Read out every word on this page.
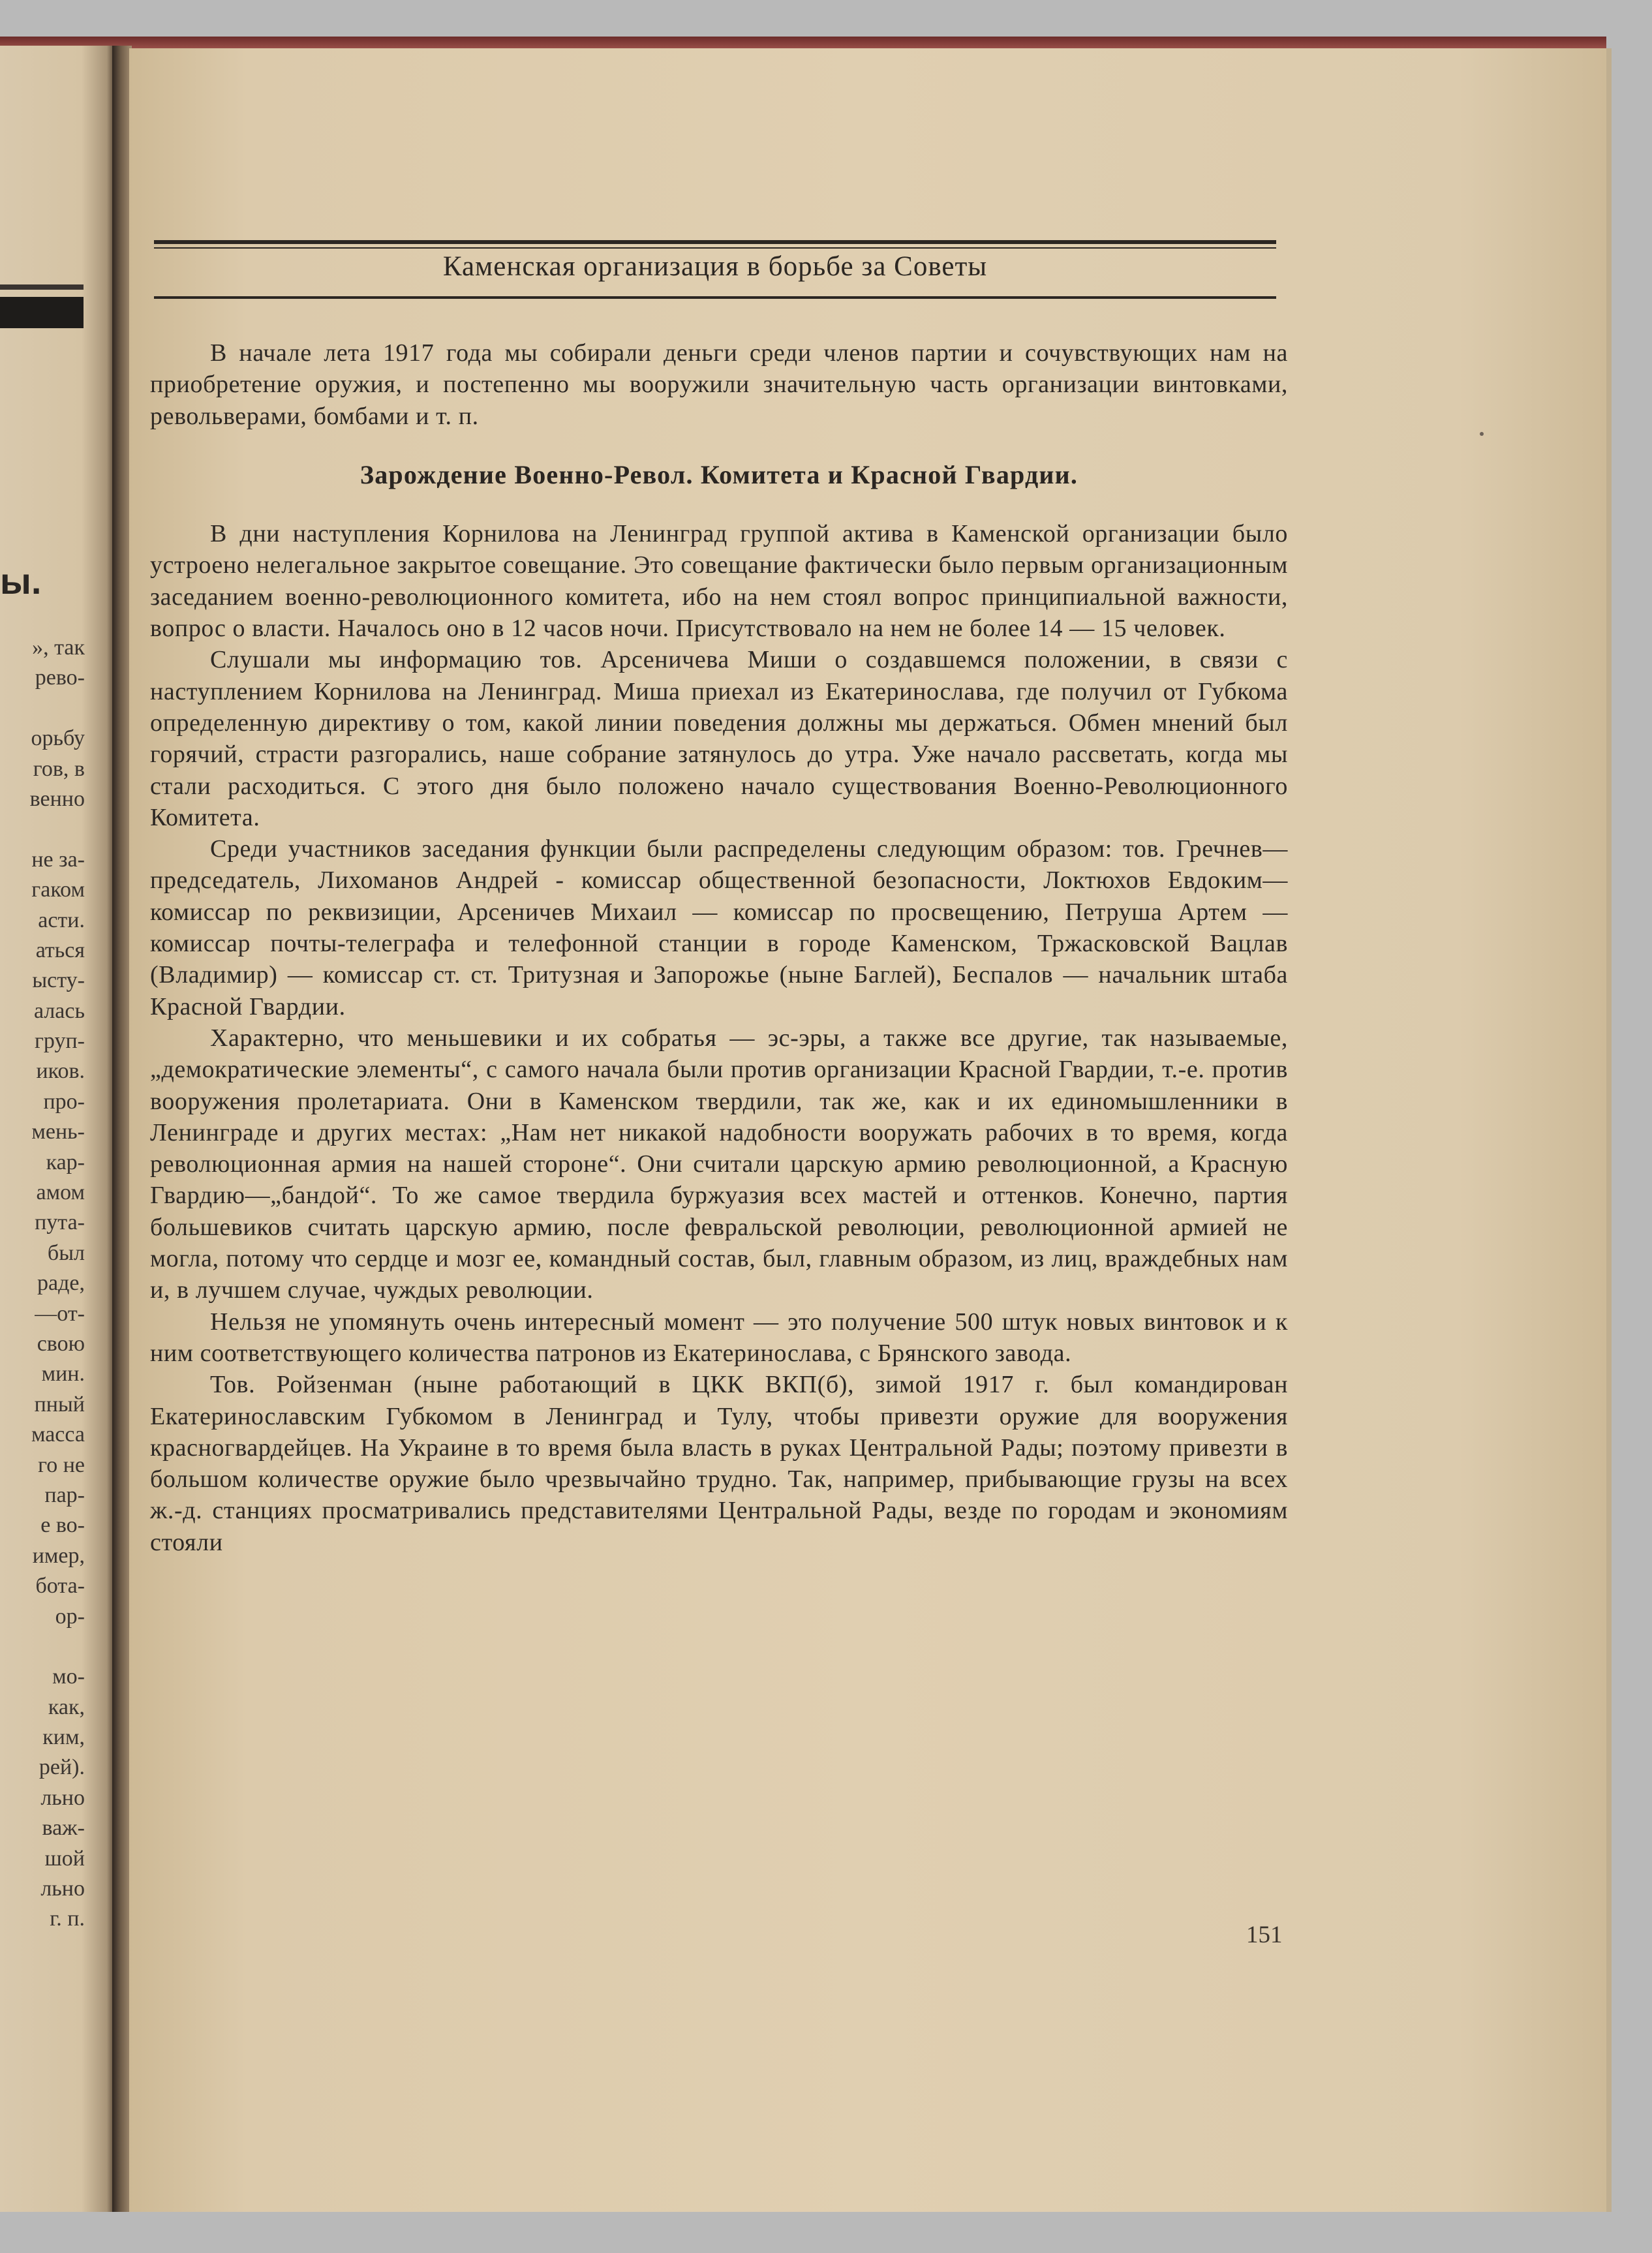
ы.
», так
рево-
орьбу
гов, в
венно
не за-
гаком
асти.
аться
ысту-
алась
груп-
иков.
про-
мень-
кар-
амом
пута-
был
раде,
—от-
свою
мин.
пный
масса
го не
пар-
е во-
имер,
бота-
ор-
мо-
как,
ким,
рей).
льно
важ-
шой
льно
г. п.
Каменская организация в борьбе за Советы

В начале лета 1917 года мы собирали деньги среди членов партии и сочувствующих нам на приобретение оружия, и постепенно мы вооружили значительную часть организации винтовками, револьверами, бомбами и т. п.

Зарождение Военно-Револ. Комитета и Красной Гвардии.

В дни наступления Корнилова на Ленинград группой актива в Каменской организации было устроено нелегальное закрытое совещание. Это совещание фактически было первым организационным заседанием военно-революционного комитета, ибо на нем стоял вопрос принципиальной важности, вопрос о власти. Началось оно в 12 часов ночи. Присутствовало на нем не более 14 — 15 человек.

Слушали мы информацию тов. Арсеничева Миши о создавшемся положении, в связи с наступлением Корнилова на Ленинград. Миша приехал из Екатеринослава, где получил от Губкома определенную директиву о том, какой линии поведения должны мы держаться. Обмен мнений был горячий, страсти разгорались, наше собрание затянулось до утра. Уже начало рассветать, когда мы стали расходиться. С этого дня было положено начало существования Военно-Революционного Комитета.

Среди участников заседания функции были распределены следующим образом: тов. Гречнев—председатель, Лихоманов Андрей - комиссар общественной безопасности, Локтюхов Евдоким—комиссар по реквизиции, Арсеничев Михаил — комиссар по просвещению, Петруша Артем — комиссар почты-телеграфа и телефонной станции в городе Каменском, Тржасковской Вацлав (Владимир) — комиссар ст. ст. Тритузная и Запорожье (ныне Баглей), Беспалов — начальник штаба Красной Гвардии.

Характерно, что меньшевики и их собратья — эс-эры, а также все другие, так называемые, „демократические элементы“, с самого начала были против организации Красной Гвардии, т.-е. против вооружения пролетариата. Они в Каменском твердили, так же, как и их единомышленники в Ленинграде и других местах: „Нам нет никакой надобности вооружать рабочих в то время, когда революционная армия на нашей стороне“. Они считали царскую армию революционной, а Красную Гвардию—„бандой“. То же самое твердила буржуазия всех мастей и оттенков. Конечно, партия большевиков считать царскую армию, после февральской революции, революционной армией не могла, потому что сердце и мозг ее, командный состав, был, главным образом, из лиц, враждебных нам и, в лучшем случае, чуждых революции.

Нельзя не упомянуть очень интересный момент — это получение 500 штук новых винтовок и к ним соответствующего количества патронов из Екатеринослава, с Брянского завода.

Тов. Ройзенман (ныне работающий в ЦКК ВКП(б), зимой 1917 г. был командирован Екатеринославским Губкомом в Ленинград и Тулу, чтобы привезти оружие для вооружения красногвардейцев. На Украине в то время была власть в руках Центральной Рады; поэтому привезти в большом количестве оружие было чрезвычайно трудно. Так, например, прибывающие грузы на всех ж.-д. станциях просматривались представителями Центральной Рады, везде по городам и экономиям стояли

151
